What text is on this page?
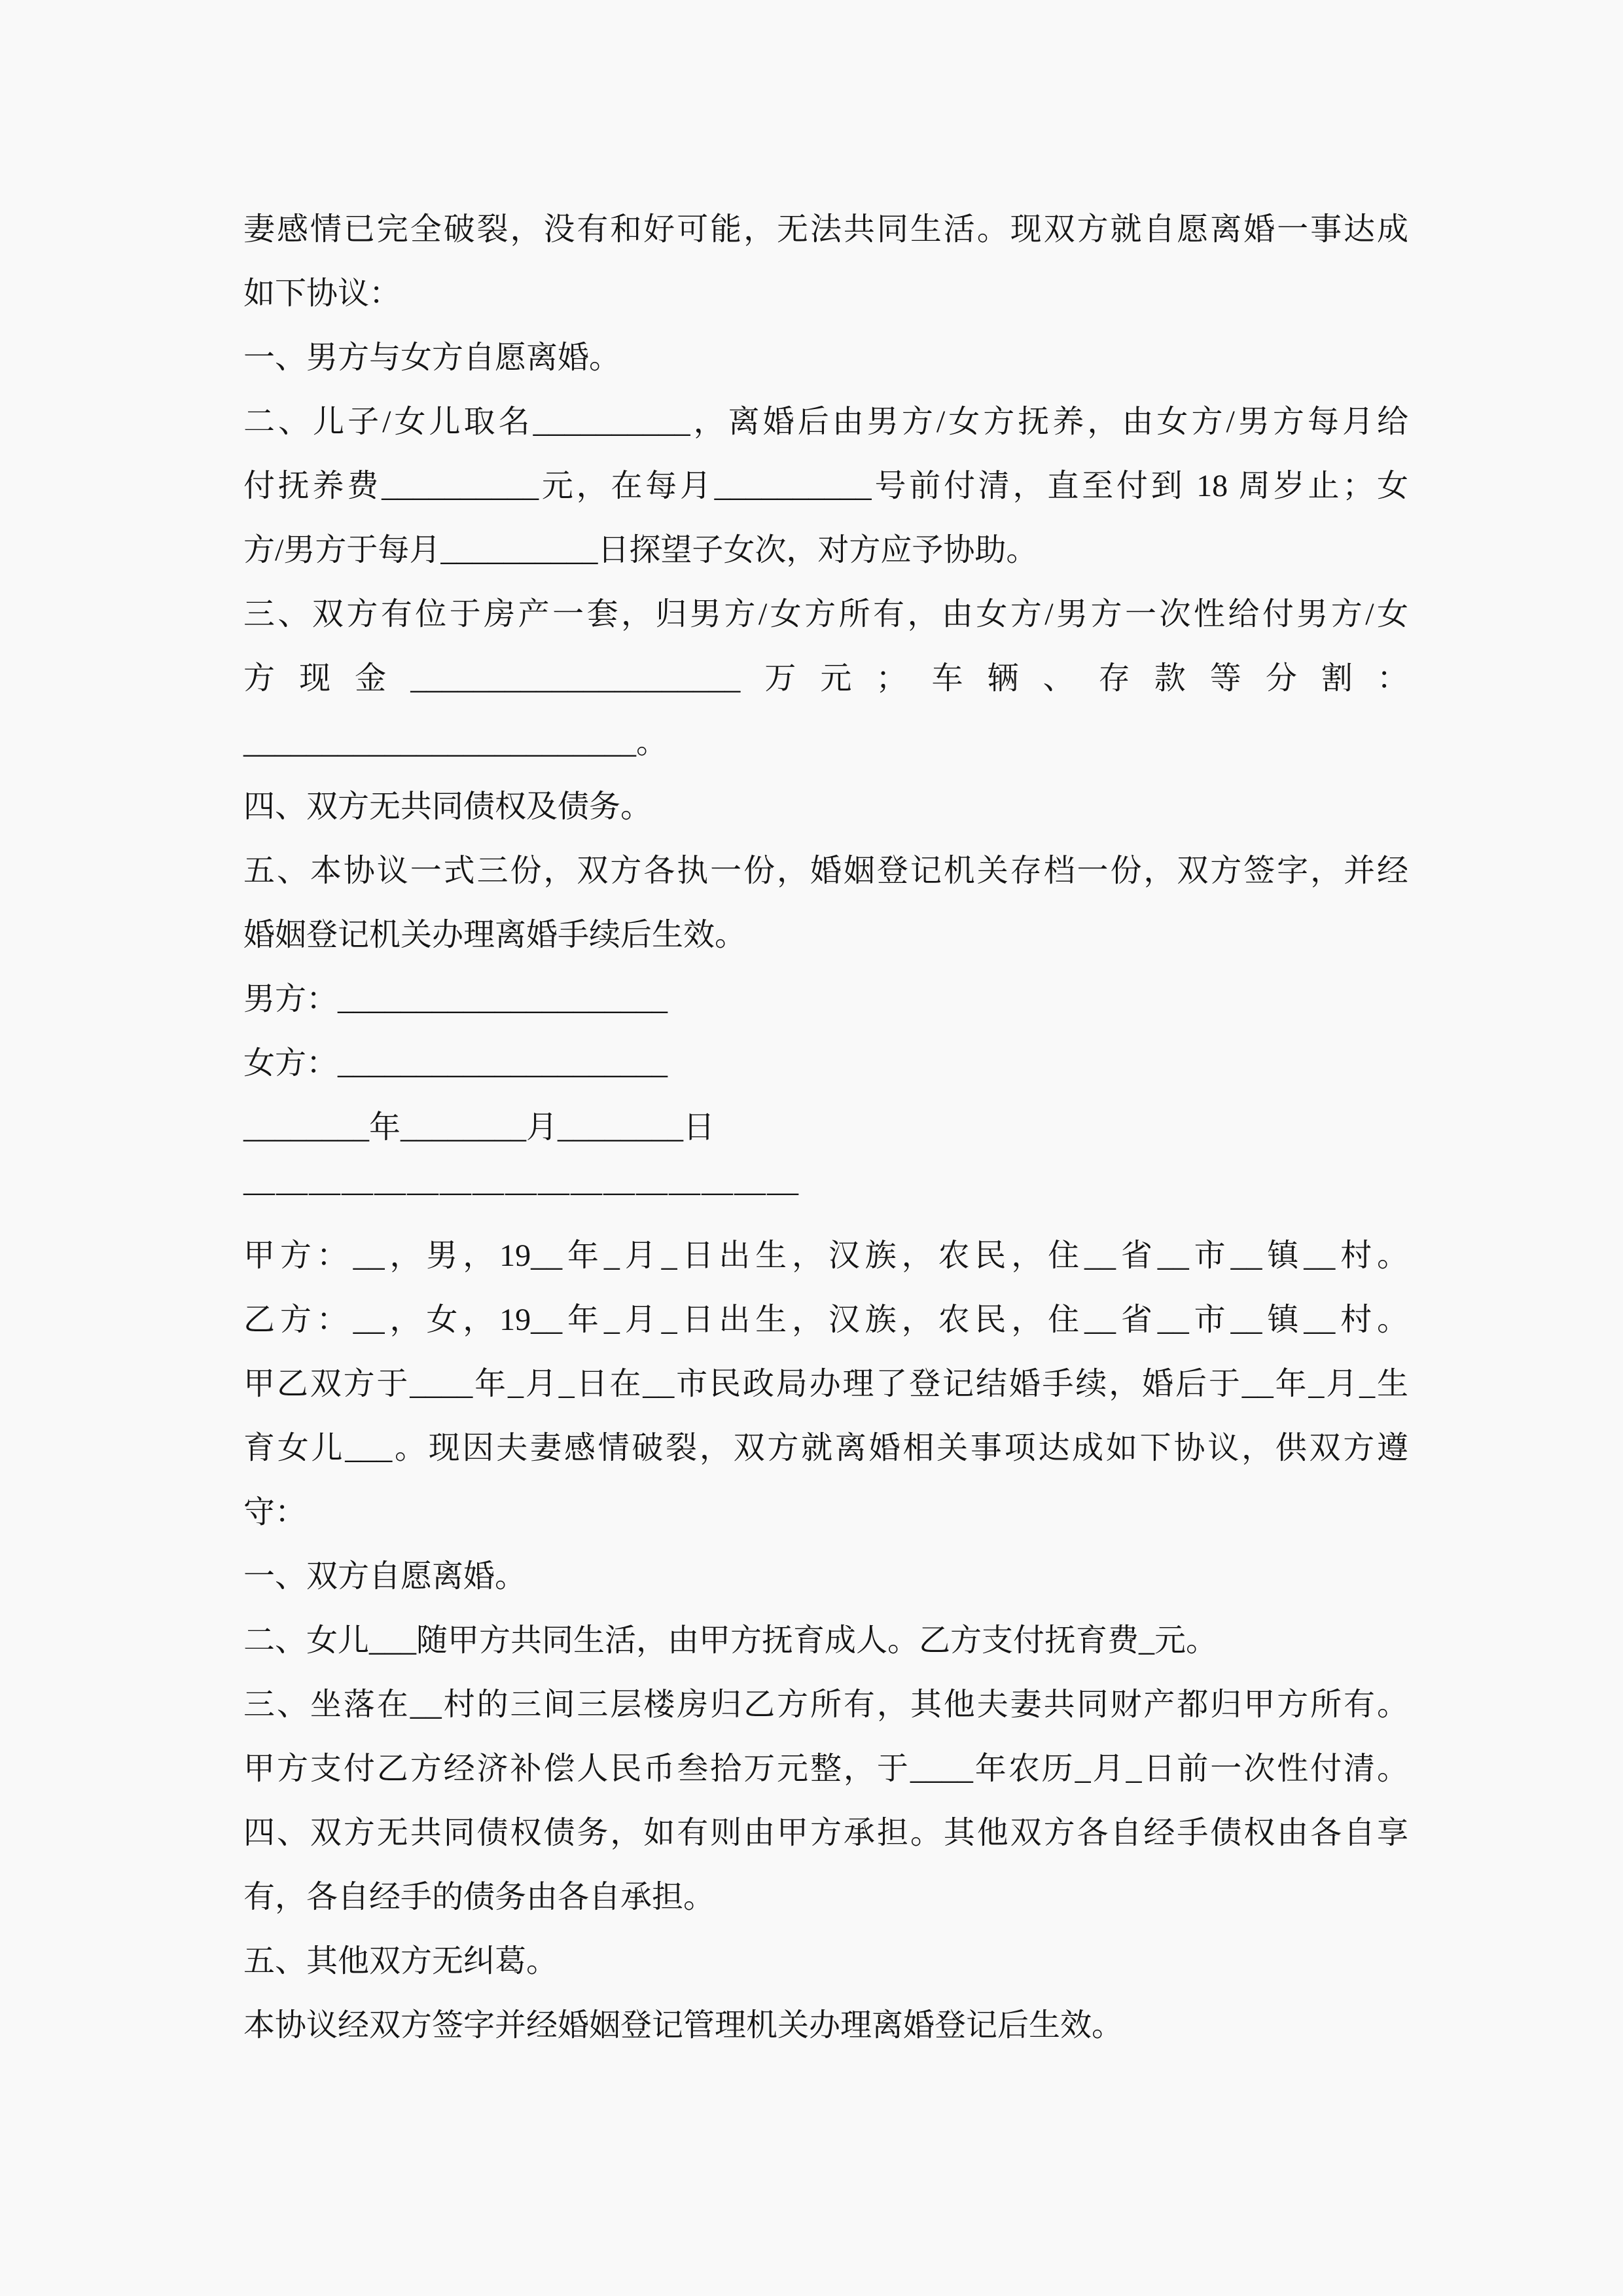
妻感情已完全破裂，没有和好可能，无法共同生活。现双方就自愿离婚一事达成

如下协议：

一、男方与女方自愿离婚。

二、儿子/女儿取名__________，离婚后由男方/女方抚养，由女方/男方每月给

付抚养费__________元，在每月__________号前付清，直至付到 18 周岁止；女

方/男方于每月__________日探望子女次，对方应予协助。

三、双方有位于房产一套，归男方/女方所有，由女方/男方一次性给付男方/女

方现金_____________________万元；车辆、存款等分割：

_________________________。

四、双方无共同债权及债务。

五、本协议一式三份，双方各执一份，婚姻登记机关存档一份，双方签字，并经

婚姻登记机关办理离婚手续后生效。

男方：_____________________

女方：_____________________

________年________月________日

—————————————————

甲方：__，男，19__年_月_日出生，汉族，农民，住__省__市__镇__村。

乙方：__，女，19__年_月_日出生，汉族，农民，住__省__市__镇__村。

甲乙双方于____年_月_日在__市民政局办理了登记结婚手续，婚后于__年_月_生

育女儿___。现因夫妻感情破裂，双方就离婚相关事项达成如下协议，供双方遵

守：

一、双方自愿离婚。

二、女儿___随甲方共同生活，由甲方抚育成人。乙方支付抚育费_元。

三、坐落在__村的三间三层楼房归乙方所有，其他夫妻共同财产都归甲方所有。

甲方支付乙方经济补偿人民币叁拾万元整，于____年农历_月_日前一次性付清。

四、双方无共同债权债务，如有则由甲方承担。其他双方各自经手债权由各自享

有，各自经手的债务由各自承担。

五、其他双方无纠葛。

本协议经双方签字并经婚姻登记管理机关办理离婚登记后生效。
